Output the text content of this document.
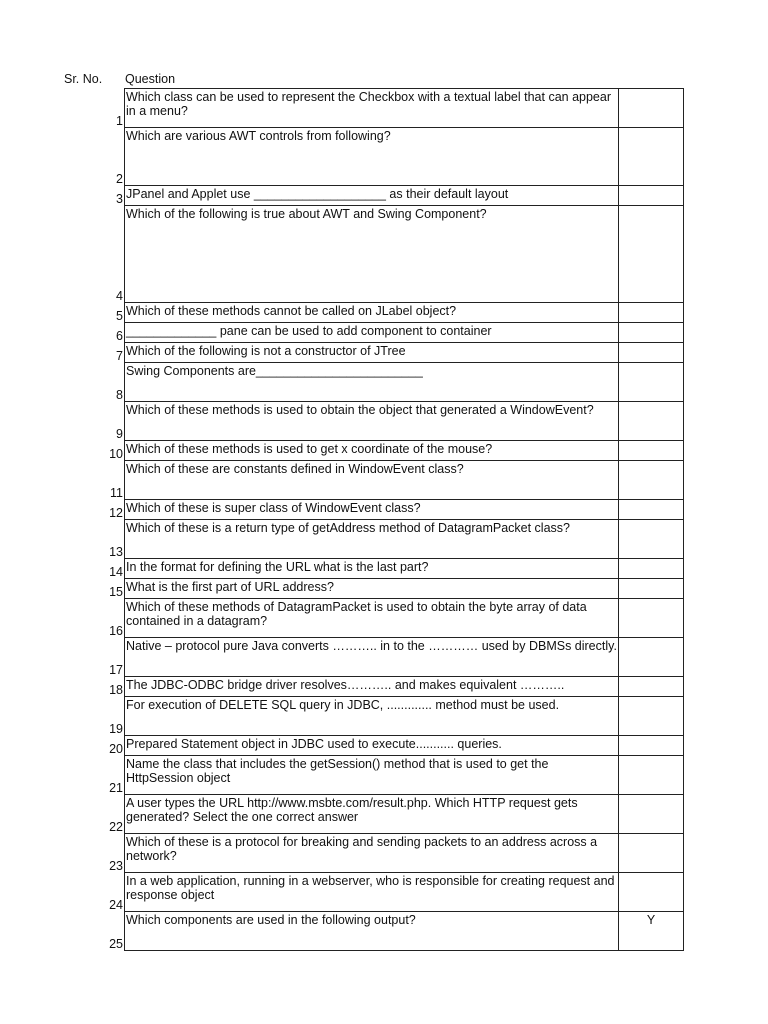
Sr. No. Question
1	Which class can be used to represent the Checkbox with a textual label that can appear in a menu?	
2	Which are various AWT controls from following?	
3	JPanel and Applet use ___________________ as their default layout	
4	Which of the following is true about AWT and Swing Component?	
5	Which of these methods cannot be called on JLabel object?	
6	_____________ pane can be used to add component to container	
7	Which of the following is not a constructor of JTree	
8	Swing Components are________________________	
9	Which of these methods is used to obtain the object that generated a WindowEvent?	
10	Which of these methods is used to get x coordinate of the mouse?	
11	Which of these are constants defined in WindowEvent class?	
12	Which of these is super class of WindowEvent class?	
13	Which of these is a return type of getAddress method of DatagramPacket class?	
14	In the format for defining the URL what is the last part?	
15	What is the first part of URL address?	
16	Which of these methods of DatagramPacket is used to obtain the byte array of data contained in a datagram?	
17	Native – protocol pure Java converts ……….. in to the ………… used by DBMSs directly.	
18	The JDBC-ODBC bridge driver resolves……….. and makes equivalent ………..	
19	For execution of DELETE SQL query in JDBC, ............. method must be used.	
20	Prepared Statement object in JDBC used to execute........... queries.	
21	Name the class that includes the getSession() method that is used to get the HttpSession object	
22	A user types the URL http://www.msbte.com/result.php. Which HTTP request gets generated? Select the one correct answer	
23	Which of these is a protocol for breaking and sending packets to an address across a network?	
24	In a web application, running in a webserver, who is responsible for creating request and response object	
25	Which components are used in the following output?	Y
